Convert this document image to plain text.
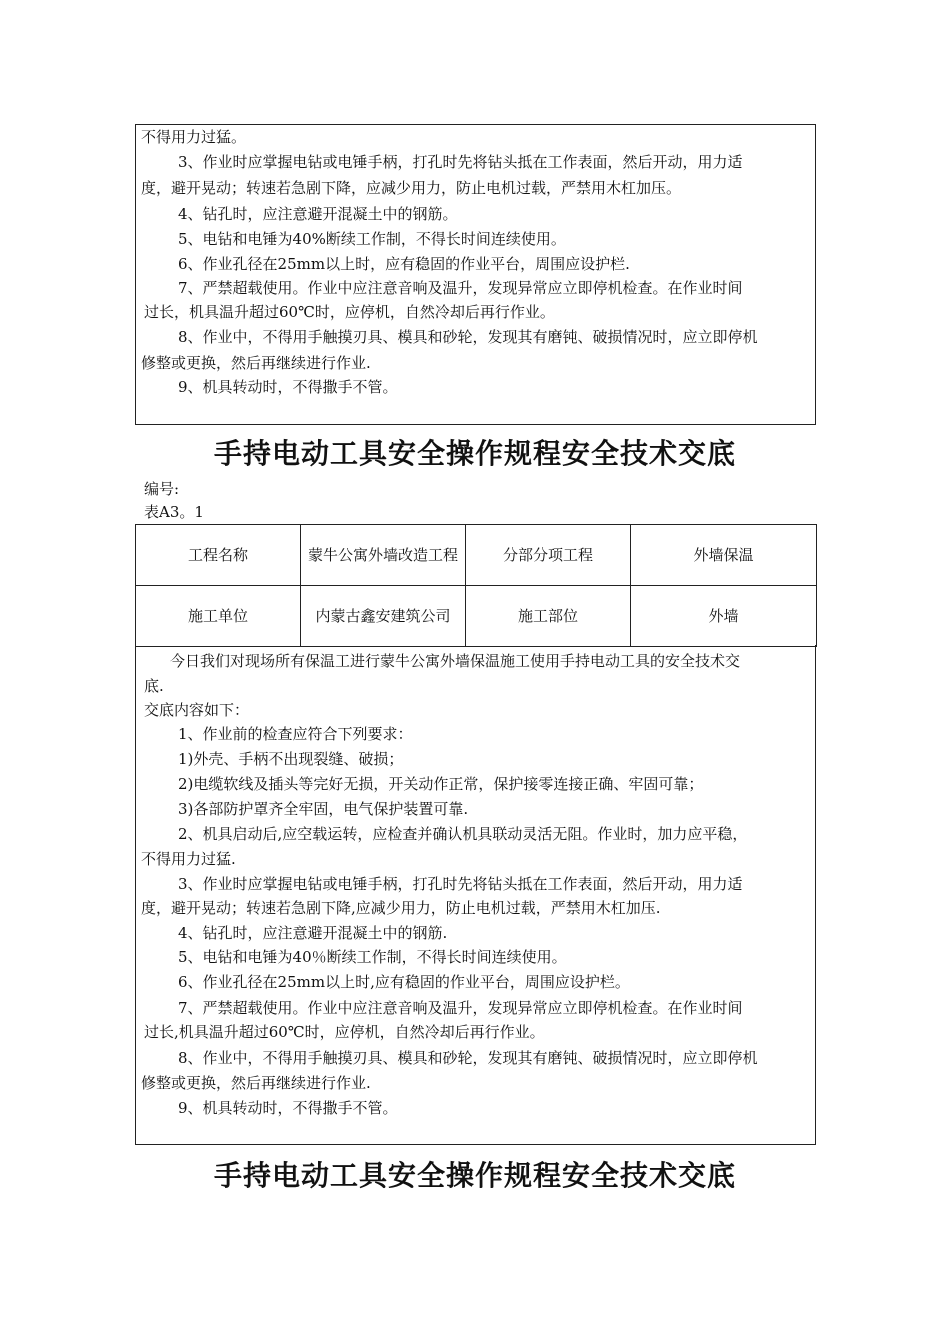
不得用力过猛。
3、作业时应掌握电钻或电锤手柄，打孔时先将钻头抵在工作表面，然后开动，用力适
度，避开晃动；转速若急剧下降，应减少用力，防止电机过载，严禁用木杠加压。
4、钻孔时，应注意避开混凝土中的钢筋。
5、电钻和电锤为40%断续工作制，不得长时间连续使用。
6、作业孔径在25mm以上时，应有稳固的作业平台，周围应设护栏.
7、严禁超载使用。作业中应注意音响及温升，发现异常应立即停机检查。在作业时间
过长，机具温升超过60℃时，应停机，自然冷却后再行作业。
8、作业中，不得用手触摸刃具、模具和砂轮，发现其有磨钝、破损情况时，应立即停机
修整或更换，然后再继续进行作业.
9、机具转动时，不得撒手不管。
手持电动工具安全操作规程安全技术交底
编号:
表A3。1
工程名称	蒙牛公寓外墙改造工程	分部分项工程	外墙保温
施工单位	内蒙古鑫安建筑公司	施工部位	外墙
今日我们对现场所有保温工进行蒙牛公寓外墙保温施工使用手持电动工具的安全技术交
底.
交底内容如下：
1、作业前的检查应符合下列要求：
1)外壳、手柄不出现裂缝、破损；
2)电缆软线及插头等完好无损，开关动作正常，保护接零连接正确、牢固可靠；
3)各部防护罩齐全牢固，电气保护装置可靠.
2、机具启动后,应空载运转，应检查并确认机具联动灵活无阻。作业时，加力应平稳，
不得用力过猛.
3、作业时应掌握电钻或电锤手柄，打孔时先将钻头抵在工作表面，然后开动，用力适
度，避开晃动；转速若急剧下降,应减少用力，防止电机过载，严禁用木杠加压.
4、钻孔时，应注意避开混凝土中的钢筋.
5、电钻和电锤为40％断续工作制，不得长时间连续使用。
6、作业孔径在25mm以上时,应有稳固的作业平台，周围应设护栏。
7、严禁超载使用。作业中应注意音响及温升，发现异常应立即停机检查。在作业时间
过长,机具温升超过60℃时，应停机，自然冷却后再行作业。
8、作业中，不得用手触摸刃具、模具和砂轮，发现其有磨钝、破损情况时，应立即停机
修整或更换，然后再继续进行作业.
9、机具转动时，不得撒手不管。
手持电动工具安全操作规程安全技术交底
